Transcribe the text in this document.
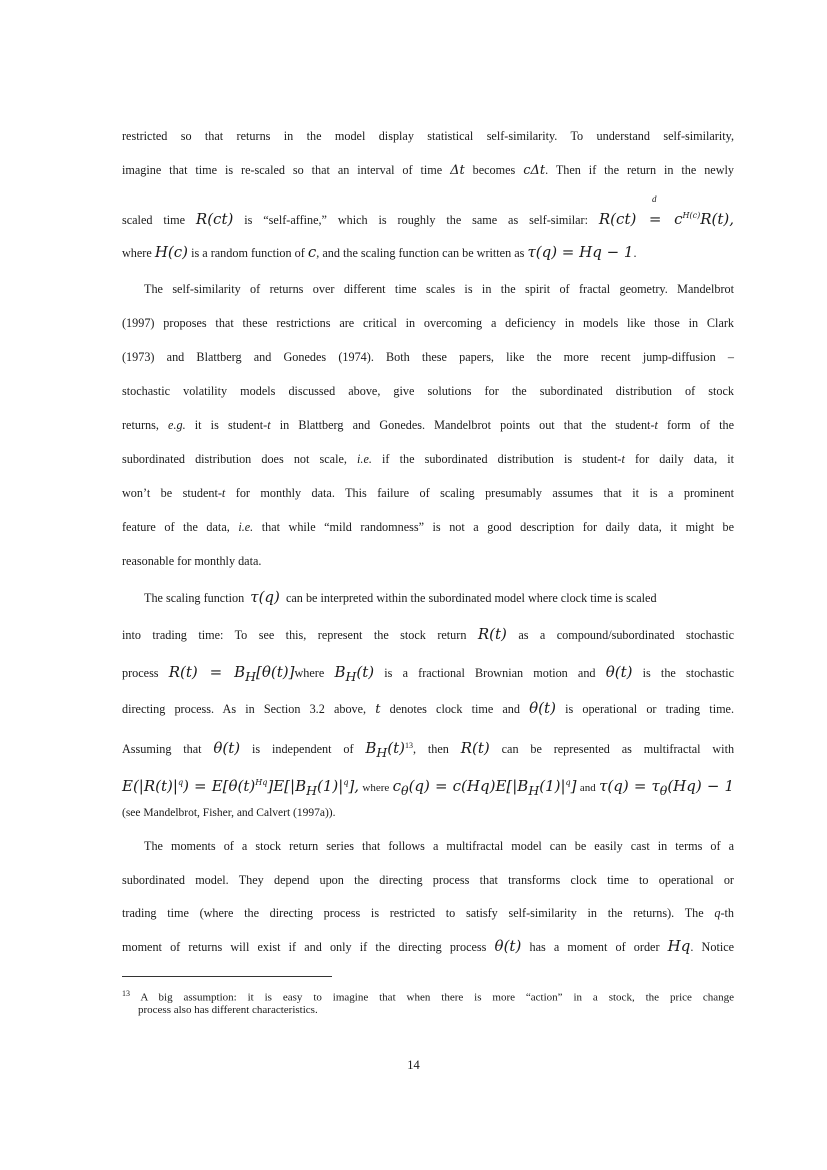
restricted so that returns in the model display statistical self-similarity. To understand self-similarity,
imagine that time is re-scaled so that an interval of time Δt becomes cΔt. Then if the return in the newly
d
scaled time R(ct) is “self-affine,” which is roughly the same as self-similar: $R(ct) = c^{H(c)}R(t)$,
where H(c) is a random function of c, and the scaling function can be written as τ(q) = Hq − 1.
The self-similarity of returns over different time scales is in the spirit of fractal geometry. Mandelbrot
(1997) proposes that these restrictions are critical in overcoming a deficiency in models like those in Clark
(1973) and Blattberg and Gonedes (1974). Both these papers, like the more recent jump-diffusion –
stochastic volatility models discussed above, give solutions for the subordinated distribution of stock
returns, e.g. it is student-t in Blattberg and Gonedes. Mandelbrot points out that the student-t form of the
subordinated distribution does not scale, i.e. if the subordinated distribution is student-t for daily data, it
won’t be student-t for monthly data. This failure of scaling presumably assumes that it is a prominent
feature of the data, i.e. that while “mild randomness” is not a good description for daily data, it might be
reasonable for monthly data.
The scaling function τ(q) can be interpreted within the subordinated model where clock time is scaled
into trading time: To see this, represent the stock return R(t) as a compound/subordinated stochastic
process $R(t) = B_H[\theta(t)]where$ $B_H(t)$ is a fractional Brownian motion and θ(t) is the stochastic
directing process. As in Section 3.2 above, t denotes clock time and θ(t) is operational or trading time.
Assuming that θ(t) is independent of $B_H(t)^{13}$, then R(t) can be represented as multifractal with
$E(|R(t)|^q) = E[\theta(t)^{Hq}]E[|B_H(1)|^q]$, where $c_\theta(q) = c(Hq)E[|B_H(1)|^q]$ and $\tau(q) = \tau_\theta(Hq) - 1$
(see Mandelbrot, Fisher, and Calvert (1997a)).
The moments of a stock return series that follows a multifractal model can be easily cast in terms of a
subordinated model. They depend upon the directing process that transforms clock time to operational or
trading time (where the directing process is restricted to satisfy self-similarity in the returns). The q-th
moment of returns will exist if and only if the directing process θ(t) has a moment of order Hq. Notice
$^{13}$ A big assumption: it is easy to imagine that when there is more “action” in a stock, the price change
process also has different characteristics.
14
